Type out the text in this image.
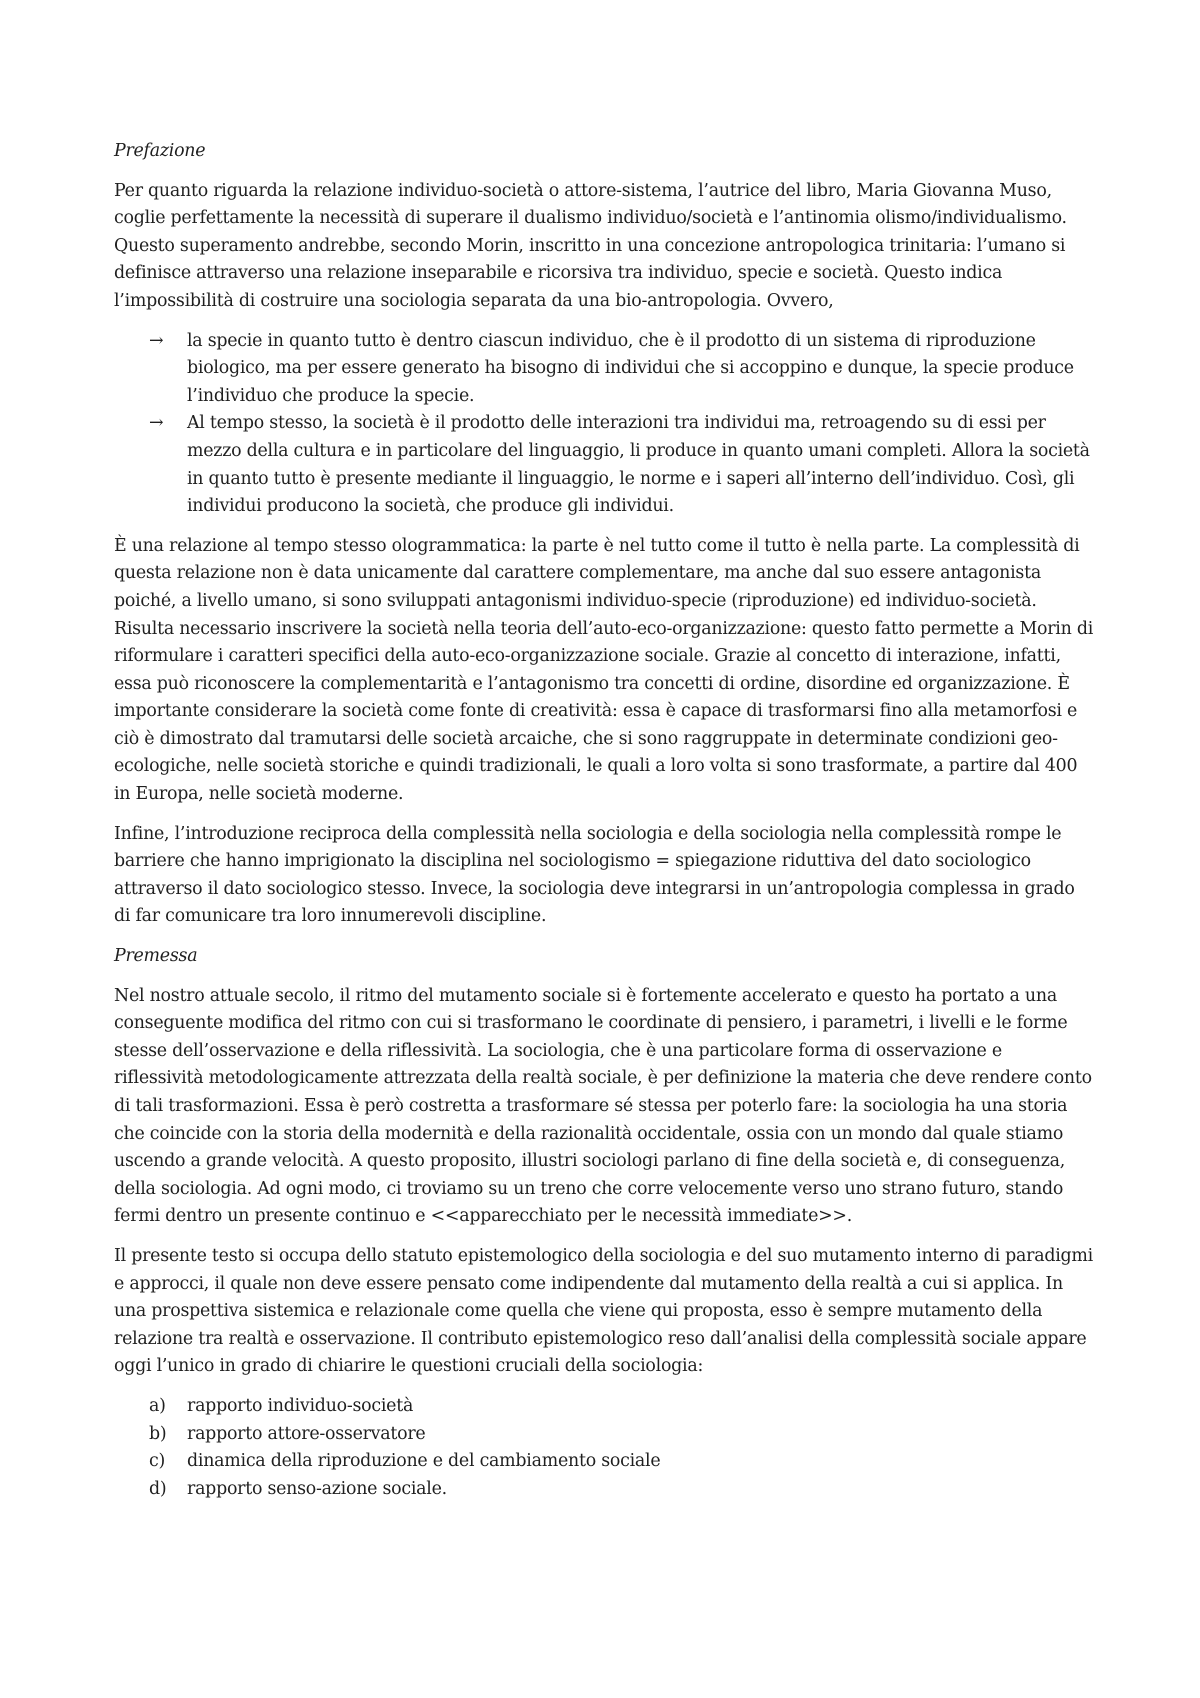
Prefazione

Per quanto riguarda la relazione individuo-società o attore-sistema, l’autrice del libro, Maria Giovanna Muso, coglie perfettamente la necessità di superare il dualismo individuo/società e l’antinomia olismo/individualismo. Questo superamento andrebbe, secondo Morin, inscritto in una concezione antropologica trinitaria: l’umano si definisce attraverso una relazione inseparabile e ricorsiva tra individuo, specie e società. Questo indica l’impossibilità di costruire una sociologia separata da una bio-antropologia. Ovvero,

→ la specie in quanto tutto è dentro ciascun individuo, che è il prodotto di un sistema di riproduzione biologico, ma per essere generato ha bisogno di individui che si accoppino e dunque, la specie produce l’individuo che produce la specie.
→ Al tempo stesso, la società è il prodotto delle interazioni tra individui ma, retroagendo su di essi per mezzo della cultura e in particolare del linguaggio, li produce in quanto umani completi. Allora la società in quanto tutto è presente mediante il linguaggio, le norme e i saperi all’interno dell’individuo. Così, gli individui producono la società, che produce gli individui.

È una relazione al tempo stesso ologrammatica: la parte è nel tutto come il tutto è nella parte. La complessità di questa relazione non è data unicamente dal carattere complementare, ma anche dal suo essere antagonista poiché, a livello umano, si sono sviluppati antagonismi individuo-specie (riproduzione) ed individuo-società. Risulta necessario inscrivere la società nella teoria dell’auto-eco-organizzazione: questo fatto permette a Morin di riformulare i caratteri specifici della auto-eco-organizzazione sociale. Grazie al concetto di interazione, infatti, essa può riconoscere la complementarità e l’antagonismo tra concetti di ordine, disordine ed organizzazione. È importante considerare la società come fonte di creatività: essa è capace di trasformarsi fino alla metamorfosi e ciò è dimostrato dal tramutarsi delle società arcaiche, che si sono raggruppate in determinate condizioni geo-ecologiche, nelle società storiche e quindi tradizionali, le quali a loro volta si sono trasformate, a partire dal 400 in Europa, nelle società moderne.

Infine, l’introduzione reciproca della complessità nella sociologia e della sociologia nella complessità rompe le barriere che hanno imprigionato la disciplina nel sociologismo = spiegazione riduttiva del dato sociologico attraverso il dato sociologico stesso. Invece, la sociologia deve integrarsi in un’antropologia complessa in grado di far comunicare tra loro innumerevoli discipline.

Premessa

Nel nostro attuale secolo, il ritmo del mutamento sociale si è fortemente accelerato e questo ha portato a una conseguente modifica del ritmo con cui si trasformano le coordinate di pensiero, i parametri, i livelli e le forme stesse dell’osservazione e della riflessività. La sociologia, che è una particolare forma di osservazione e riflessività metodologicamente attrezzata della realtà sociale, è per definizione la materia che deve rendere conto di tali trasformazioni. Essa è però costretta a trasformare sé stessa per poterlo fare: la sociologia ha una storia che coincide con la storia della modernità e della razionalità occidentale, ossia con un mondo dal quale stiamo uscendo a grande velocità. A questo proposito, illustri sociologi parlano di fine della società e, di conseguenza, della sociologia. Ad ogni modo, ci troviamo su un treno che corre velocemente verso uno strano futuro, stando fermi dentro un presente continuo e <<apparecchiato per le necessità immediate>>.

Il presente testo si occupa dello statuto epistemologico della sociologia e del suo mutamento interno di paradigmi e approcci, il quale non deve essere pensato come indipendente dal mutamento della realtà a cui si applica. In una prospettiva sistemica e relazionale come quella che viene qui proposta, esso è sempre mutamento della relazione tra realtà e osservazione. Il contributo epistemologico reso dall’analisi della complessità sociale appare oggi l’unico in grado di chiarire le questioni cruciali della sociologia:

a) rapporto individuo-società
b) rapporto attore-osservatore
c) dinamica della riproduzione e del cambiamento sociale
d) rapporto senso-azione sociale.
